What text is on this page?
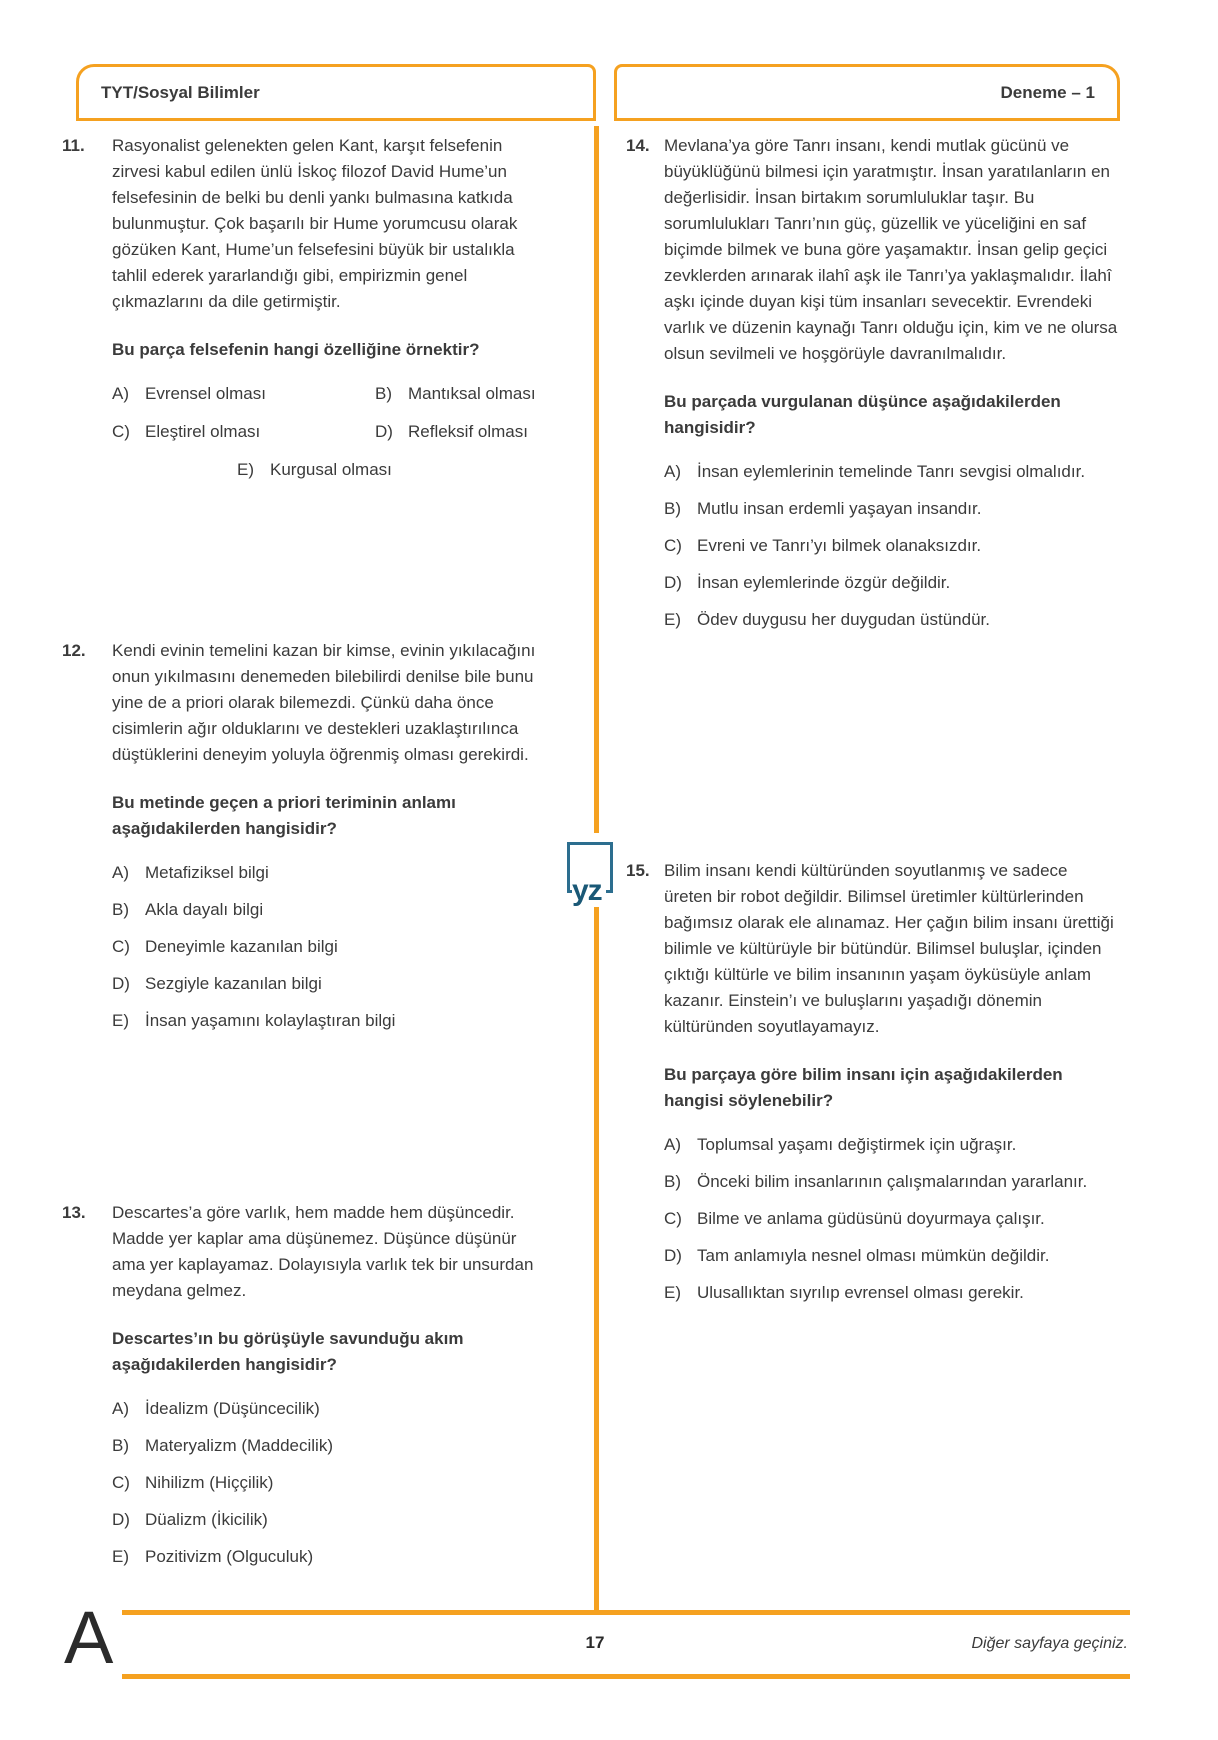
TYT/Sosyal Bilimler	Deneme – 1
yz
11. Rasyonalist gelenekten gelen Kant, karşıt felsefenin zirvesi kabul edilen ünlü İskoç filozof David Hume’un felsefesinin de belki bu denli yankı bulmasına katkıda bulunmuştur. Çok başarılı bir Hume yorumcusu olarak gözüken Kant, Hume’un felsefesini büyük bir ustalıkla tahlil ederek yararlandığı gibi, empirizmin genel çıkmazlarını da dile getirmiştir.

Bu parça felsefenin hangi özelliğine örnektir?

A) Evrensel olması	B) Mantıksal olması
C) Eleştirel olması	D) Refleksif olması
E) Kurgusal olması
12. Kendi evinin temelini kazan bir kimse, evinin yıkılacağını onun yıkılmasını denemeden bilebilirdi denilse bile bunu yine de a priori olarak bilemezdi. Çünkü daha önce cisimlerin ağır olduklarını ve destekleri uzaklaştırılınca düştüklerini deneyim yoluyla öğrenmiş olması gerekirdi.

Bu metinde geçen a priori teriminin anlamı aşağıdakilerden hangisidir?

A) Metafiziksel bilgi
B) Akla dayalı bilgi
C) Deneyimle kazanılan bilgi
D) Sezgiyle kazanılan bilgi
E) İnsan yaşamını kolaylaştıran bilgi
13. Descartes’a göre varlık, hem madde hem düşüncedir. Madde yer kaplar ama düşünemez. Düşünce düşünür ama yer kaplayamaz. Dolayısıyla varlık tek bir unsurdan meydana gelmez.

Descartes’ın bu görüşüyle savunduğu akım aşağıdakilerden hangisidir?

A) İdealizm (Düşüncecilik)
B) Materyalizm (Maddecilik)
C) Nihilizm (Hiççilik)
D) Düalizm (İkicilik)
E) Pozitivizm (Olguculuk)
14. Mevlana’ya göre Tanrı insanı, kendi mutlak gücünü ve büyüklüğünü bilmesi için yaratmıştır. İnsan yaratılanların en değerlisidir. İnsan birtakım sorumluluklar taşır. Bu sorumlulukları Tanrı’nın güç, güzellik ve yüceliğini en saf biçimde bilmek ve buna göre yaşamaktır. İnsan gelip geçici zevklerden arınarak ilahî aşk ile Tanrı’ya yaklaşmalıdır. İlahî aşkı içinde duyan kişi tüm insanları sevecektir. Evrendeki varlık ve düzenin kaynağı Tanrı olduğu için, kim ve ne olursa olsun sevilmeli ve hoşgörüyle davranılmalıdır.

Bu parçada vurgulanan düşünce aşağıdakilerden hangisidir?

A) İnsan eylemlerinin temelinde Tanrı sevgisi olmalıdır.
B) Mutlu insan erdemli yaşayan insandır.
C) Evreni ve Tanrı’yı bilmek olanaksızdır.
D) İnsan eylemlerinde özgür değildir.
E) Ödev duygusu her duygudan üstündür.
15. Bilim insanı kendi kültüründen soyutlanmış ve sadece üreten bir robot değildir. Bilimsel üretimler kültürlerinden bağımsız olarak ele alınamaz. Her çağın bilim insanı ürettiği bilimle ve kültürüyle bir bütündür. Bilimsel buluşlar, içinden çıktığı kültürle ve bilim insanının yaşam öyküsüyle anlam kazanır. Einstein’ı ve buluşlarını yaşadığı dönemin kültüründen soyutlayamayız.

Bu parçaya göre bilim insanı için aşağıdakilerden hangisi söylenebilir?

A) Toplumsal yaşamı değiştirmek için uğraşır.
B) Önceki bilim insanlarının çalışmalarından yararlanır.
C) Bilme ve anlama güdüsünü doyurmaya çalışır.
D) Tam anlamıyla nesnel olması mümkün değildir.
E) Ulusallıktan sıyrılıp evrensel olması gerekir.
A	17	Diğer sayfaya geçiniz.
